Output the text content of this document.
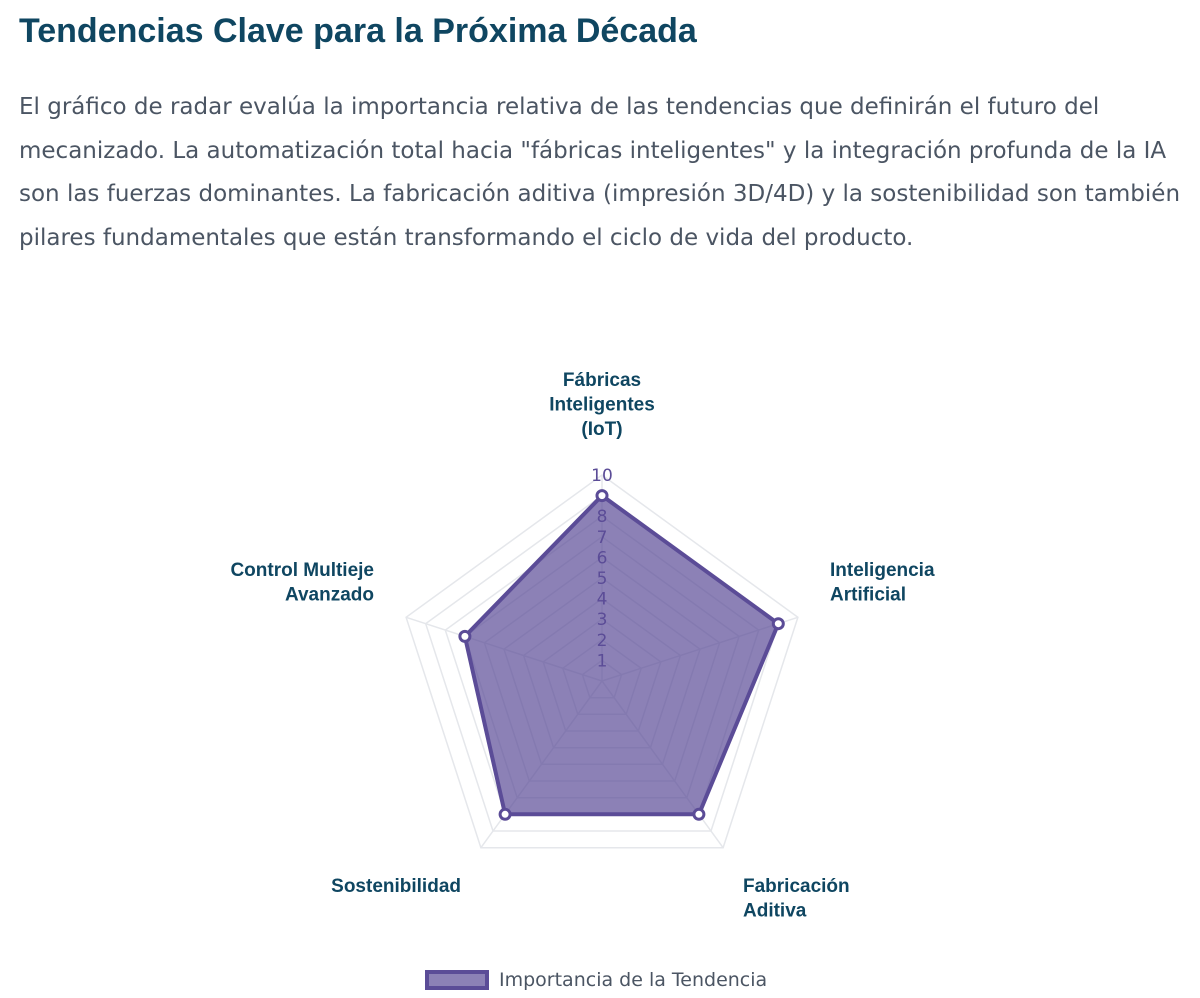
Tendencias Clave para la Próxima Década

El gráfico de radar evalúa la importancia relativa de las tendencias que definirán el futuro del mecanizado. La automatización total hacia "fábricas inteligentes" y la integración profunda de la IA son las fuerzas dominantes. La fabricación aditiva (impresión 3D/4D) y la sostenibilidad son también pilares fundamentales que están transformando el ciclo de vida del producto.

1
2
3
4
5
6
7
8
10
Fábricas Inteligentes (IoT)
Inteligencia Artificial
Fabricación Aditiva
Sostenibilidad
Control Multieje Avanzado
Importancia de la Tendencia
